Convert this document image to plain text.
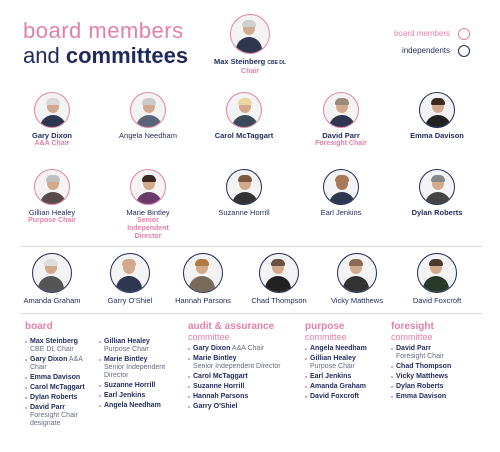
board members
and committees
board members
independents
Max Steinberg CBE DL
Chair
Gary Dixon
A&A Chair
Angela Needham	Carol McTaggart	David Parr
Foresight Chair
Emma Davison
Gillian Healey
Purpose Chair
Marie Bintley
Senior Independent Director
Suzanne Horrill	Earl Jenkins	Dylan Roberts
Amanda Graham	Garry O'Shiel	Hannah Parsons	Chad Thompson	Vicky Matthews	David Foxcroft
board
Max Steinberg
CBE DL Chair
Gary Dixon A&A Chair
Emma Davison
Carol McTaggart
Dylan Roberts
David Parr
Foresight Chair designate
Gillian Healey
Purpose Chair
Marie Bintley
Senior Independent Director
Suzanne Horrill
Earl Jenkins
Angela Needham
audit & assurance
committee
Gary Dixon A&A Chair
Marie Bintley
Senior Independent Director
Carol McTaggart
Suzanne Horrill
Hannah Parsons
Garry O'Shiel
purpose
committee
Angela Needham
Gillian Healey
Purpose Chair
Earl Jenkins
Amanda Graham
David Foxcroft
foresight
committee
David Parr
Foresight Chair
Chad Thompson
Vicky Matthews
Dylan Roberts
Emma Davison
